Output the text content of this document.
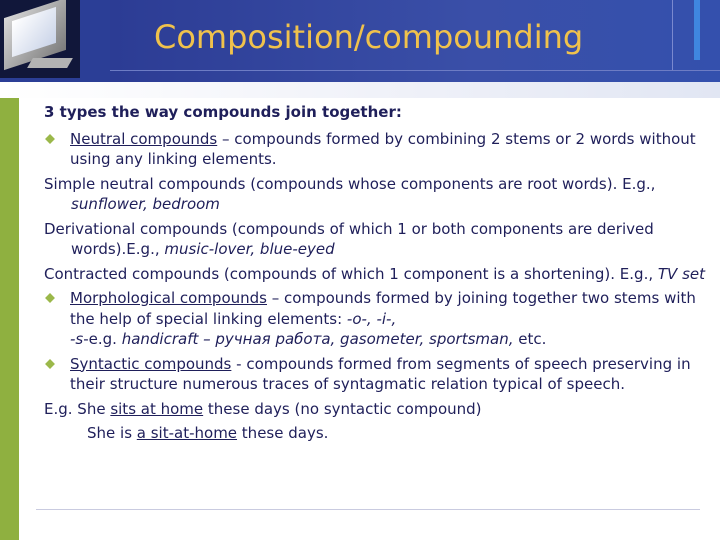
Composition/compounding

3 types the way compounds join together:

Neutral compounds – compounds formed by combining 2 stems or 2 words without using any linking elements.
Simple neutral compounds (compounds whose components are root words). E.g., sunflower, bedroom
Derivational compounds (compounds of which 1 or both components are derived words).E.g., music-lover, blue-eyed
Contracted compounds (compounds of which 1 component is a shortening). E.g., TV set
Morphological compounds – compounds formed by joining together two stems with the help of special linking elements: -o-, -i-,
-s-e.g. handicraft – ручная работа, gasometer, sportsman, etc.
Syntactic compounds - compounds formed from segments of speech preserving in their structure numerous traces of syntagmatic relation typical of speech.
E.g. She sits at home these days (no syntactic compound)
She is a sit-at-home these days.
